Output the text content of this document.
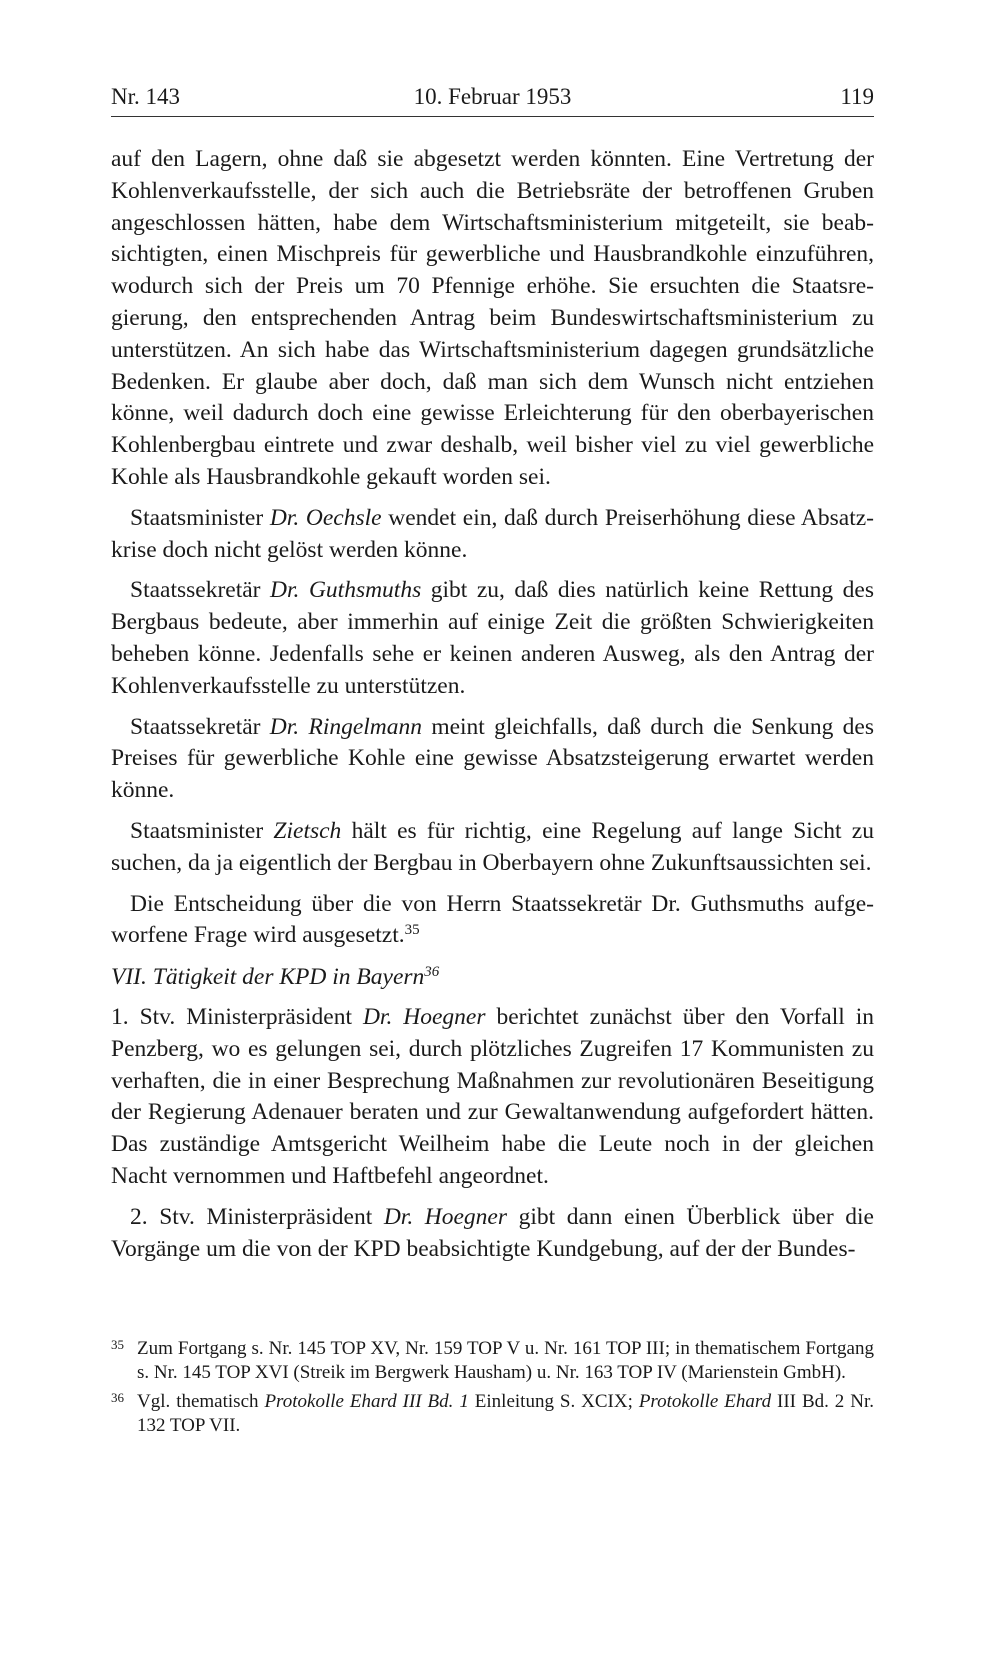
Nr. 143	10. Februar 1953	119

auf den Lagern, ohne daß sie abgesetzt werden könnten. Eine Vertretung der Kohlenverkaufsstelle, der sich auch die Betriebsräte der betroffenen Gruben angeschlossen hätten, habe dem Wirtschaftsministerium mitgeteilt, sie beabsichtigten, einen Mischpreis für gewerbliche und Hausbrandkohle einzuführen, wodurch sich der Preis um 70 Pfennige erhöhe. Sie ersuchten die Staatsregierung, den entsprechenden Antrag beim Bundeswirtschaftsministerium zu unterstützen. An sich habe das Wirtschaftsministerium dagegen grundsätzliche Bedenken. Er glaube aber doch, daß man sich dem Wunsch nicht entziehen könne, weil dadurch doch eine gewisse Erleichterung für den oberbayerischen Kohlenbergbau eintrete und zwar deshalb, weil bisher viel zu viel gewerbliche Kohle als Hausbrandkohle gekauft worden sei.

Staatsminister Dr. Oechsle wendet ein, daß durch Preiserhöhung diese Absatzkrise doch nicht gelöst werden könne.

Staatssekretär Dr. Guthsmuths gibt zu, daß dies natürlich keine Rettung des Bergbaus bedeute, aber immerhin auf einige Zeit die größten Schwierigkeiten beheben könne. Jedenfalls sehe er keinen anderen Ausweg, als den Antrag der Kohlenverkaufsstelle zu unterstützen.

Staatssekretär Dr. Ringelmann meint gleichfalls, daß durch die Senkung des Preises für gewerbliche Kohle eine gewisse Absatzsteigerung erwartet werden könne.

Staatsminister Zietsch hält es für richtig, eine Regelung auf lange Sicht zu suchen, da ja eigentlich der Bergbau in Oberbayern ohne Zukunftsaussichten sei.

Die Entscheidung über die von Herrn Staatssekretär Dr. Guthsmuths aufgeworfene Frage wird ausgesetzt.$^{35}$

VII. Tätigkeit der KPD in Bayern$^{36}$

1. Stv. Ministerpräsident Dr. Hoegner berichtet zunächst über den Vorfall in Penzberg, wo es gelungen sei, durch plötzliches Zugreifen 17 Kommunisten zu verhaften, die in einer Besprechung Maßnahmen zur revolutionären Beseitigung der Regierung Adenauer beraten und zur Gewaltanwendung aufgefordert hätten. Das zuständige Amtsgericht Weilheim habe die Leute noch in der gleichen Nacht vernommen und Haftbefehl angeordnet.

2. Stv. Ministerpräsident Dr. Hoegner gibt dann einen Überblick über die Vorgänge um die von der KPD beabsichtigte Kundgebung, auf der der Bundes-

35 Zum Fortgang s. Nr. 145 TOP XV, Nr. 159 TOP V u. Nr. 161 TOP III; in thematischem Fortgang s. Nr. 145 TOP XVI (Streik im Bergwerk Hausham) u. Nr. 163 TOP IV (Marienstein GmbH).
36 Vgl. thematisch Protokolle Ehard III Bd. 1 Einleitung S. XCIX; Protokolle Ehard III Bd. 2 Nr. 132 TOP VII.
